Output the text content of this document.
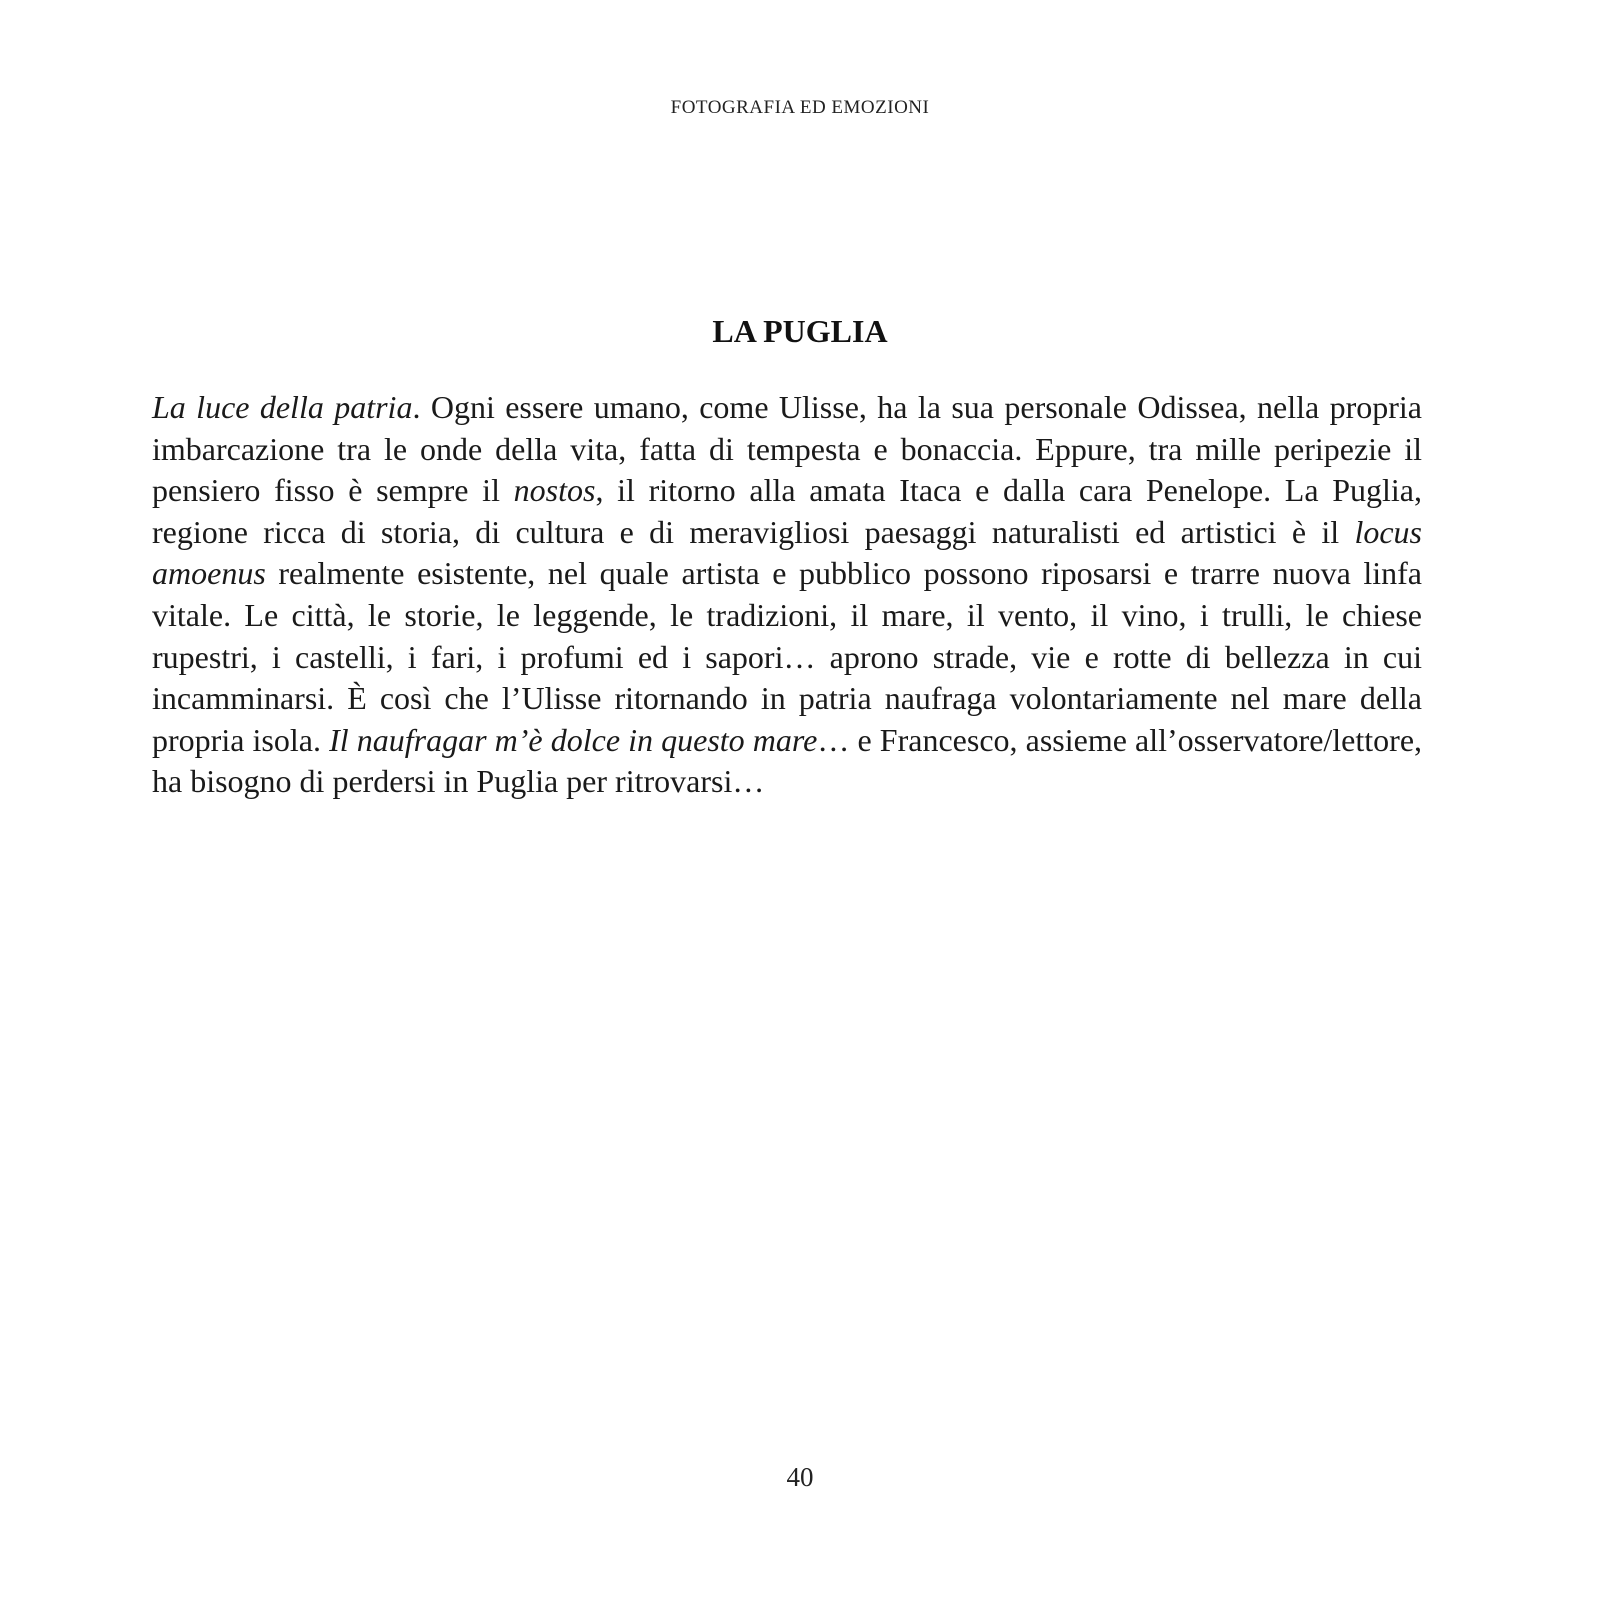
FOTOGRAFIA ED EMOZIONI
LA PUGLIA

La luce della patria. Ogni essere umano, come Ulisse, ha la sua personale Odissea, nella propria imbarcazione tra le onde della vita, fatta di tempesta e bonaccia. Eppure, tra mille peripezie il pensiero fisso è sempre il nostos, il ritorno alla amata Itaca e dalla cara Penelope. La Puglia, regione ricca di storia, di cultura e di meravigliosi paesaggi naturalisti ed artistici è il locus amoenus realmente esistente, nel quale artista e pubblico possono riposarsi e trarre nuova linfa vitale. Le città, le storie, le leggende, le tradizioni, il mare, il vento, il vino, i trulli, le chiese rupestri, i castelli, i fari, i profumi ed i sapori… aprono strade, vie e rotte di bellezza in cui incamminarsi. È così che l’Ulisse ritornando in patria naufraga volontariamente nel mare della propria isola. Il naufragar m’è dolce in questo mare… e Francesco, assieme all’osservatore/lettore, ha bisogno di perdersi in Puglia per ritrovarsi…

40
